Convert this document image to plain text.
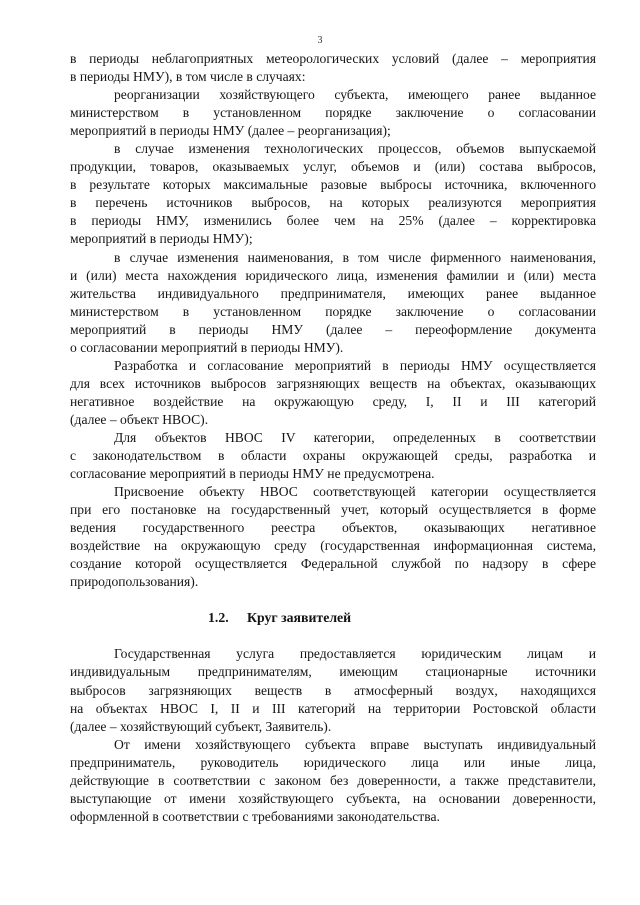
3
в периоды неблагоприятных метеорологических условий (далее – мероприятия
в периоды НМУ), в том числе в случаях:
реорганизации хозяйствующего субъекта, имеющего ранее выданное
министерством в установленном порядке заключение о согласовании
мероприятий в периоды НМУ (далее – реорганизация);
в случае изменения технологических процессов, объемов выпускаемой
продукции, товаров, оказываемых услуг, объемов и (или) состава выбросов,
в результате которых максимальные разовые выбросы источника, включенного
в перечень источников выбросов, на которых реализуются мероприятия
в периоды НМУ, изменились более чем на 25% (далее – корректировка
мероприятий в периоды НМУ);
в случае изменения наименования, в том числе фирменного наименования,
и (или) места нахождения юридического лица, изменения фамилии и (или) места
жительства индивидуального предпринимателя, имеющих ранее выданное
министерством в установленном порядке заключение о согласовании
мероприятий в периоды НМУ (далее – переоформление документа
о согласовании мероприятий в периоды НМУ).
Разработка и согласование мероприятий в периоды НМУ осуществляется
для всех источников выбросов загрязняющих веществ на объектах, оказывающих
негативное воздействие на окружающую среду, I, II и III категорий
(далее – объект НВОС).
Для объектов НВОС IV категории, определенных в соответствии
с законодательством в области охраны окружающей среды, разработка и
согласование мероприятий в периоды НМУ не предусмотрена.
Присвоение объекту НВОС соответствующей категории осуществляется
при его постановке на государственный учет, который осуществляется в форме
ведения государственного реестра объектов, оказывающих негативное
воздействие на окружающую среду (государственная информационная система,
создание которой осуществляется Федеральной службой по надзору в сфере
природопользования).
1.2. Круг заявителей
Государственная услуга предоставляется юридическим лицам и
индивидуальным предпринимателям, имеющим стационарные источники
выбросов загрязняющих веществ в атмосферный воздух, находящихся
на объектах НВОС I, II и III категорий на территории Ростовской области
(далее – хозяйствующий субъект, Заявитель).
От имени хозяйствующего субъекта вправе выступать индивидуальный
предприниматель, руководитель юридического лица или иные лица,
действующие в соответствии с законом без доверенности, а также представители,
выступающие от имени хозяйствующего субъекта, на основании доверенности,
оформленной в соответствии с требованиями законодательства.
